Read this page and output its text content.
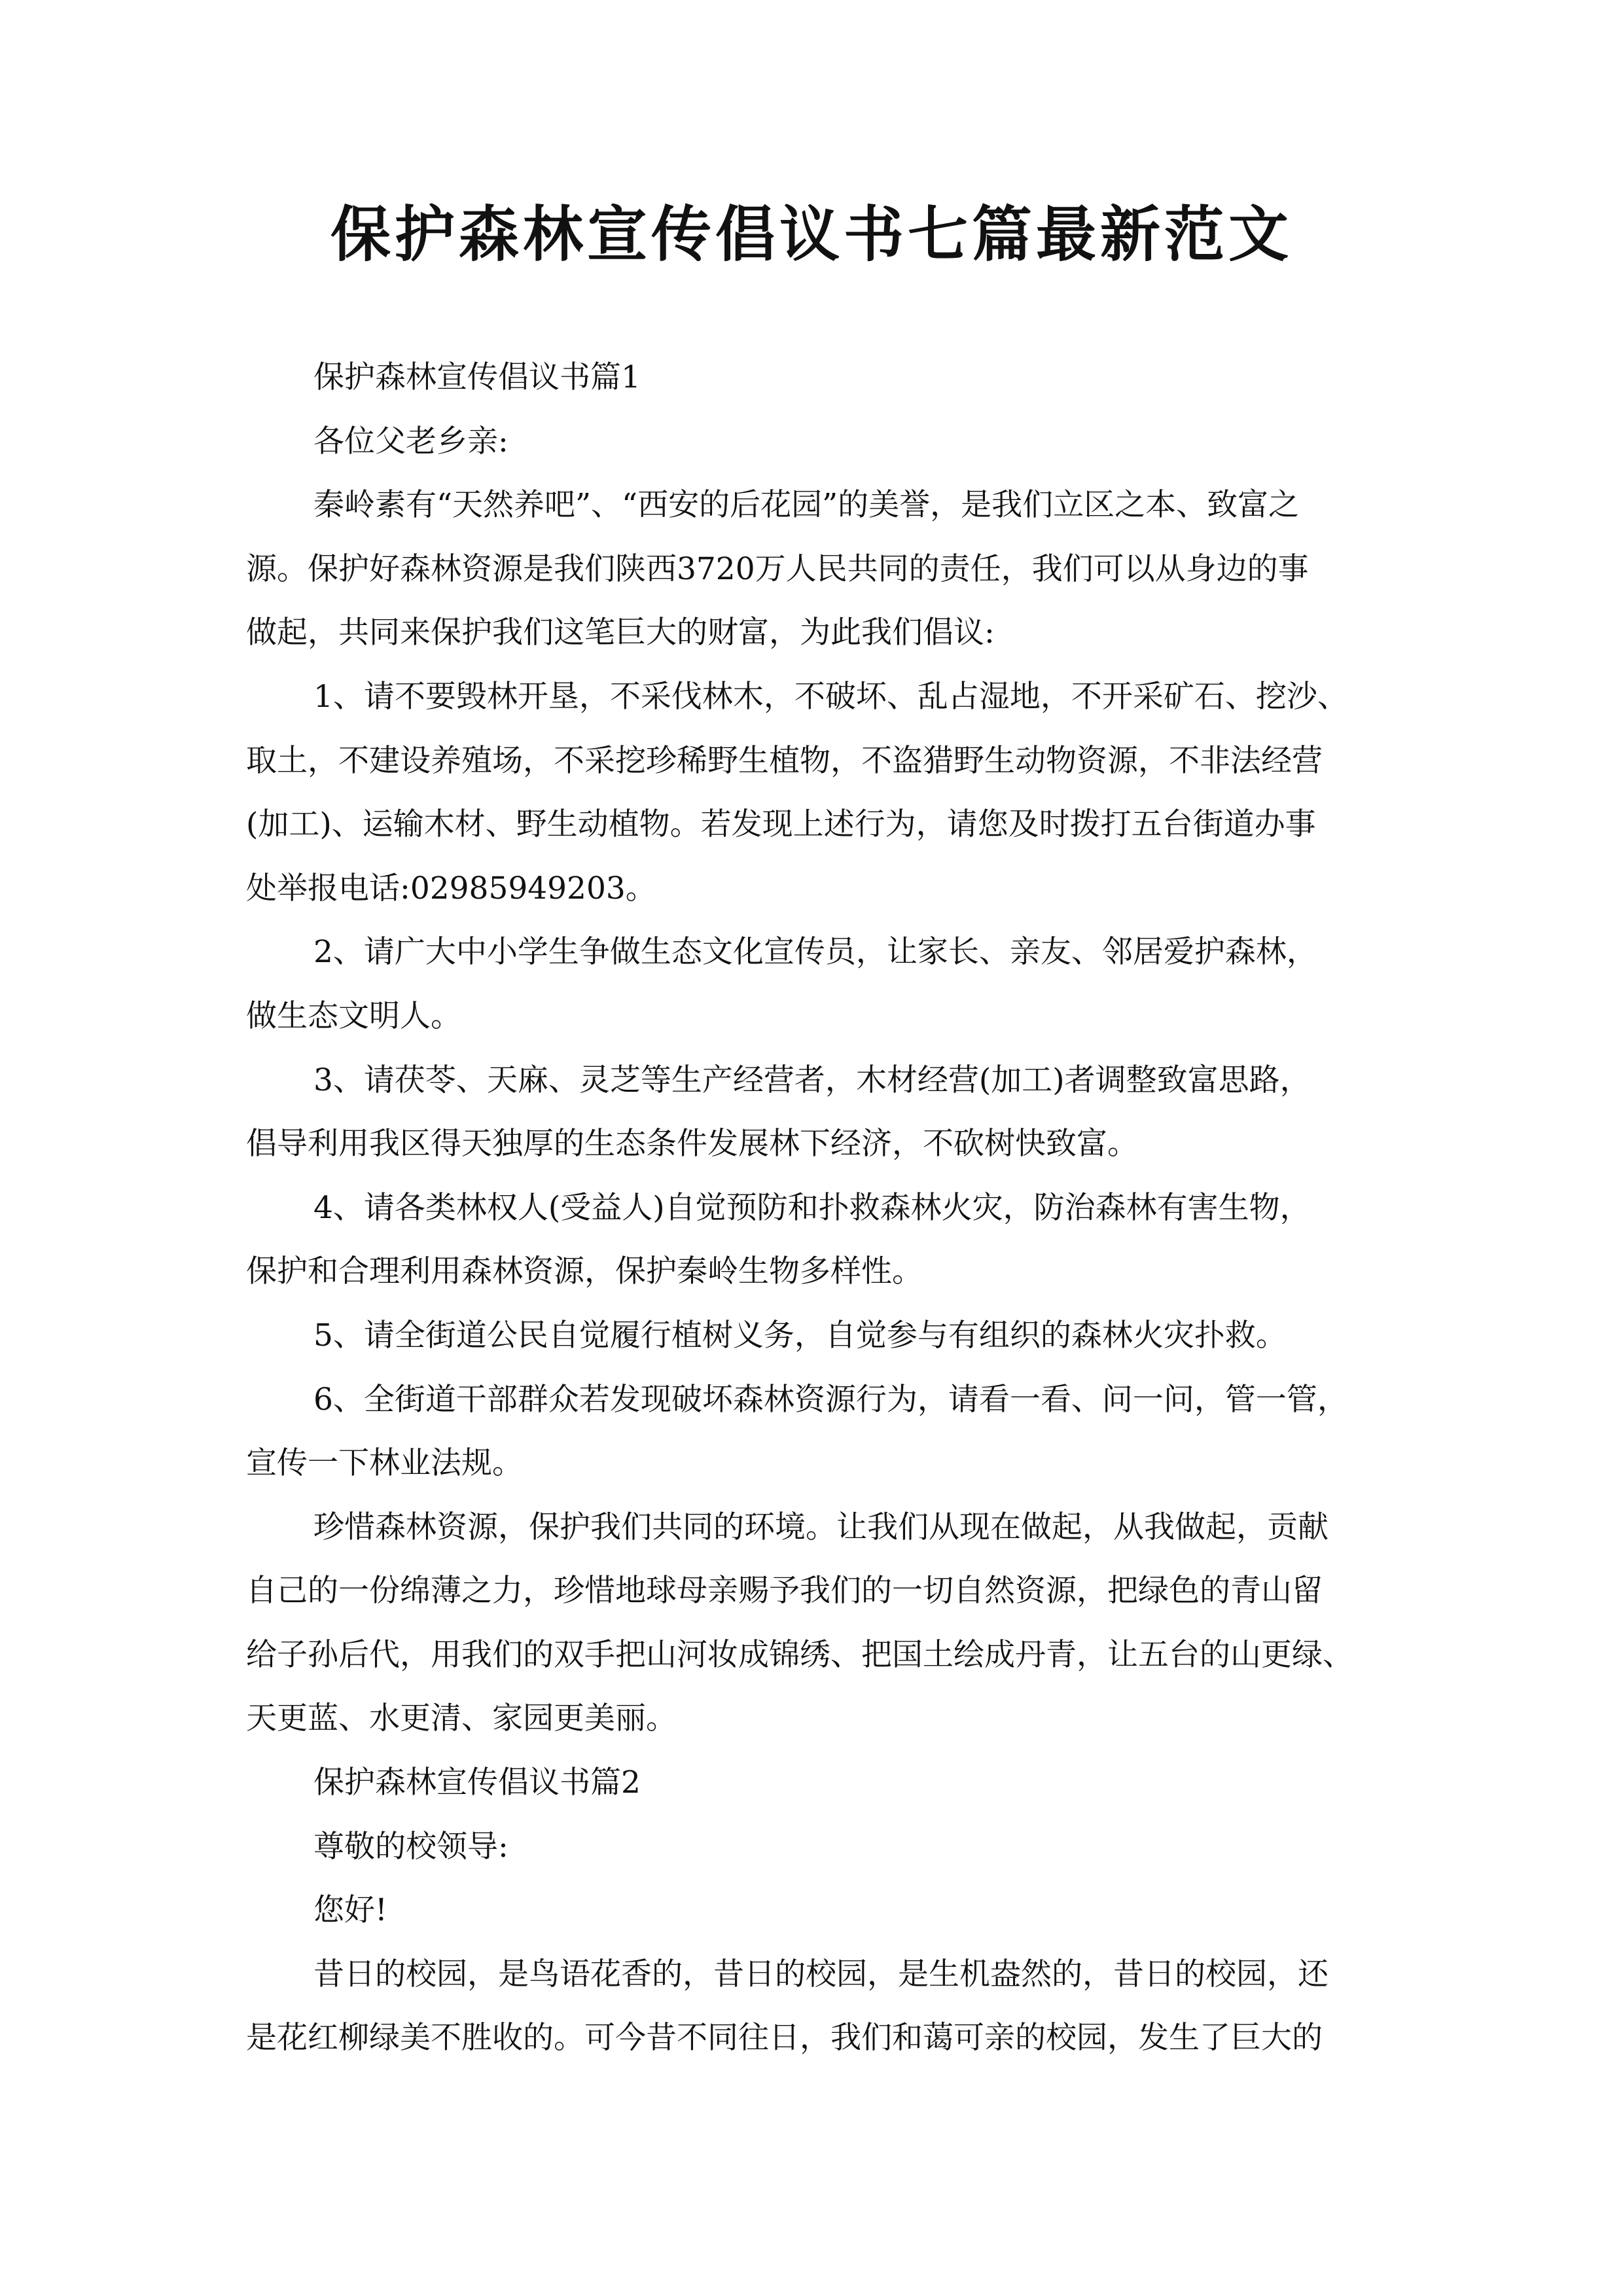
保护森林宣传倡议书七篇最新范文
保护森林宣传倡议书篇1
各位父老乡亲:
秦岭素有“天然养吧”、“西安的后花园”的美誉，是我们立区之本、致富之
源。保护好森林资源是我们陕西3720万人民共同的责任，我们可以从身边的事
做起，共同来保护我们这笔巨大的财富，为此我们倡议:
1、请不要毁林开垦，不采伐林木，不破坏、乱占湿地，不开采矿石、挖沙、
取土，不建设养殖场，不采挖珍稀野生植物，不盗猎野生动物资源，不非法经营
(加工)、运输木材、野生动植物。若发现上述行为，请您及时拨打五台街道办事
处举报电话:02985949203。
2、请广大中小学生争做生态文化宣传员，让家长、亲友、邻居爱护森林，
做生态文明人。
3、请茯苓、天麻、灵芝等生产经营者，木材经营(加工)者调整致富思路，
倡导利用我区得天独厚的生态条件发展林下经济，不砍树快致富。
4、请各类林权人(受益人)自觉预防和扑救森林火灾，防治森林有害生物，
保护和合理利用森林资源，保护秦岭生物多样性。
5、请全街道公民自觉履行植树义务，自觉参与有组织的森林火灾扑救。
6、全街道干部群众若发现破坏森林资源行为，请看一看、问一问，管一管，
宣传一下林业法规。
珍惜森林资源，保护我们共同的环境。让我们从现在做起，从我做起，贡献
自己的一份绵薄之力，珍惜地球母亲赐予我们的一切自然资源，把绿色的青山留
给子孙后代，用我们的双手把山河妆成锦绣、把国土绘成丹青，让五台的山更绿、
天更蓝、水更清、家园更美丽。
保护森林宣传倡议书篇2
尊敬的校领导:
您好!
昔日的校园，是鸟语花香的，昔日的校园，是生机盎然的，昔日的校园，还
是花红柳绿美不胜收的。可今昔不同往日，我们和蔼可亲的校园，发生了巨大的
